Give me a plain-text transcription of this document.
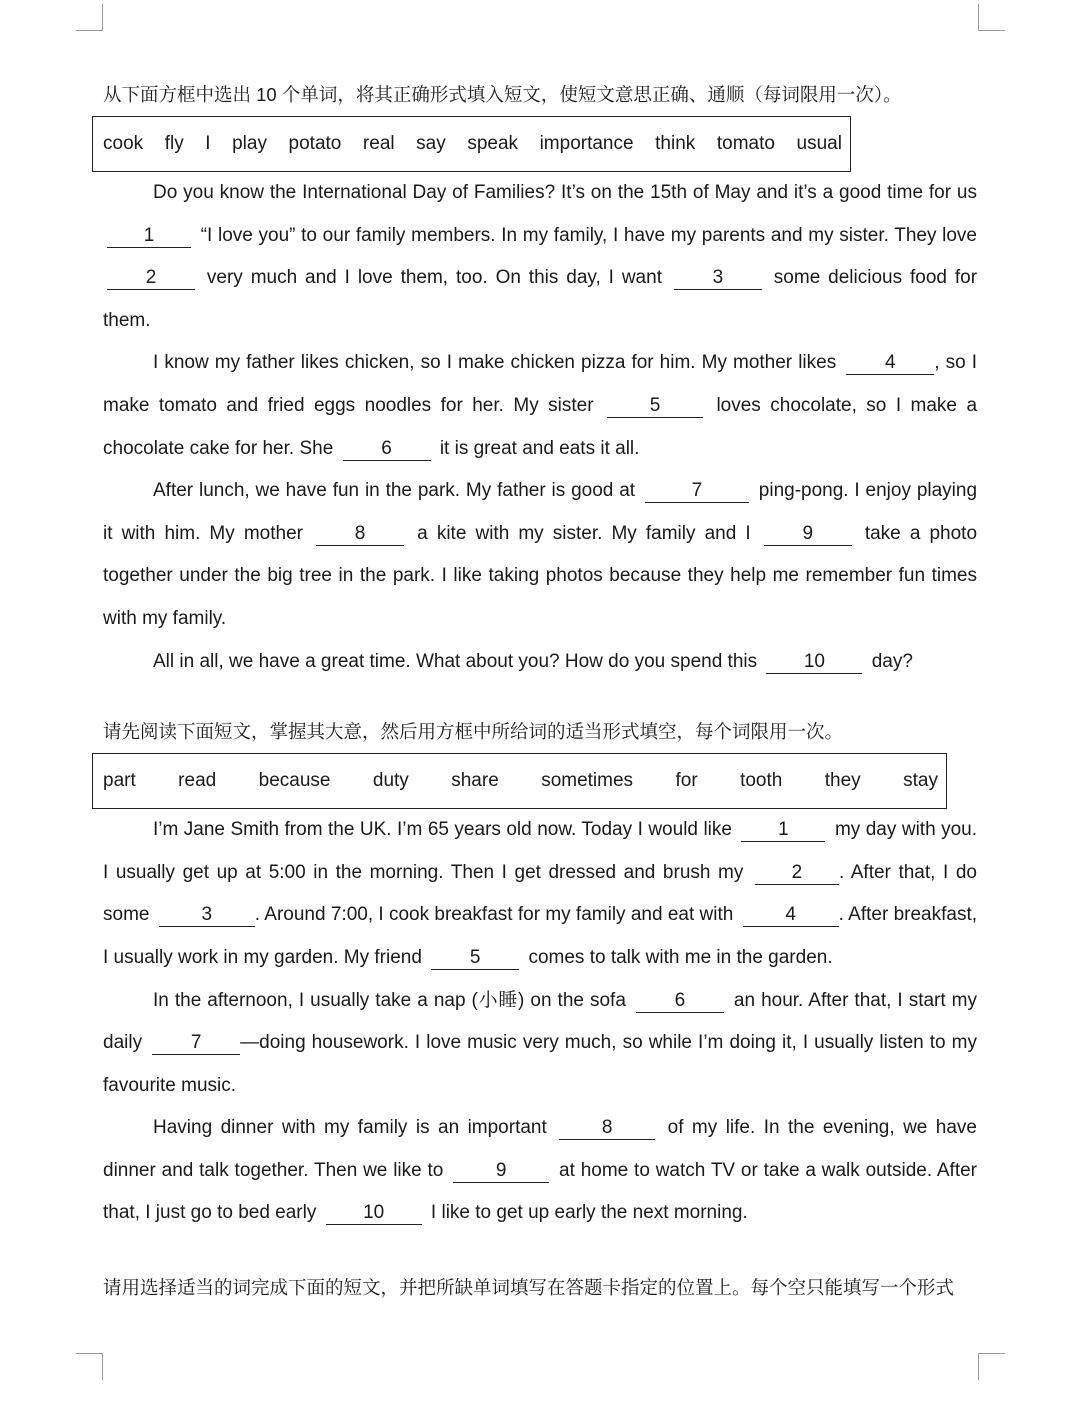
从下面方框中选出 10 个单词，将其正确形式填入短文，使短文意思正确、通顺（每词限用一次）。
cook fly I play potato real say speak importance think tomato usual

Do you know the International Day of Families? It’s on the 15th of May and it’s a good time for us 1 “I love you” to our family members. In my family, I have my parents and my sister. They love 2	very much and I love them, too. On this day, I want	3	some delicious food for them.

I know my father likes chicken, so I make chicken pizza for him. My mother likes	4 , so I make tomato and fried eggs noodles for her. My sister	5	loves chocolate, so I make a chocolate cake for her. She	6	it is great and eats it all.

After lunch, we have fun in the park. My father is good at	7	ping-pong. I enjoy playing it with him. My mother	8	a kite with my sister. My family and I	9	take a photo together under the big tree in the park. I like taking photos because they help me remember fun times with my family.

All in all, we have a great time. What about you? How do you spend this 10 day?

请先阅读下面短文，掌握其大意，然后用方框中所给词的适当形式填空，每个词限用一次。
part read because duty share sometimes for tooth they stay

I’m Jane Smith from the UK. I’m 65 years old now. Today I would like 1 my day with you. I usually get up at 5:00 in the morning. Then I get dressed and brush my	2 . After that, I do some	3 . Around 7:00, I cook breakfast for my family and eat with	4 . After breakfast, I usually work in my garden. My friend	5	comes to talk with me in the garden.

In the afternoon, I usually take a nap (小睡) on the sofa	6	an hour. After that, I start my daily	7 —doing housework. I love music very much, so while I’m doing it, I usually listen to my favourite music.

Having dinner with my family is an important	8	of my life. In the evening, we have dinner and talk together. Then we like to	9	at home to watch TV or take a walk outside. After that, I just go to bed early 10 I like to get up early the next morning.

请用选择适当的词完成下面的短文，并把所缺单词填写在答题卡指定的位置上。每个空只能填写一个形式
